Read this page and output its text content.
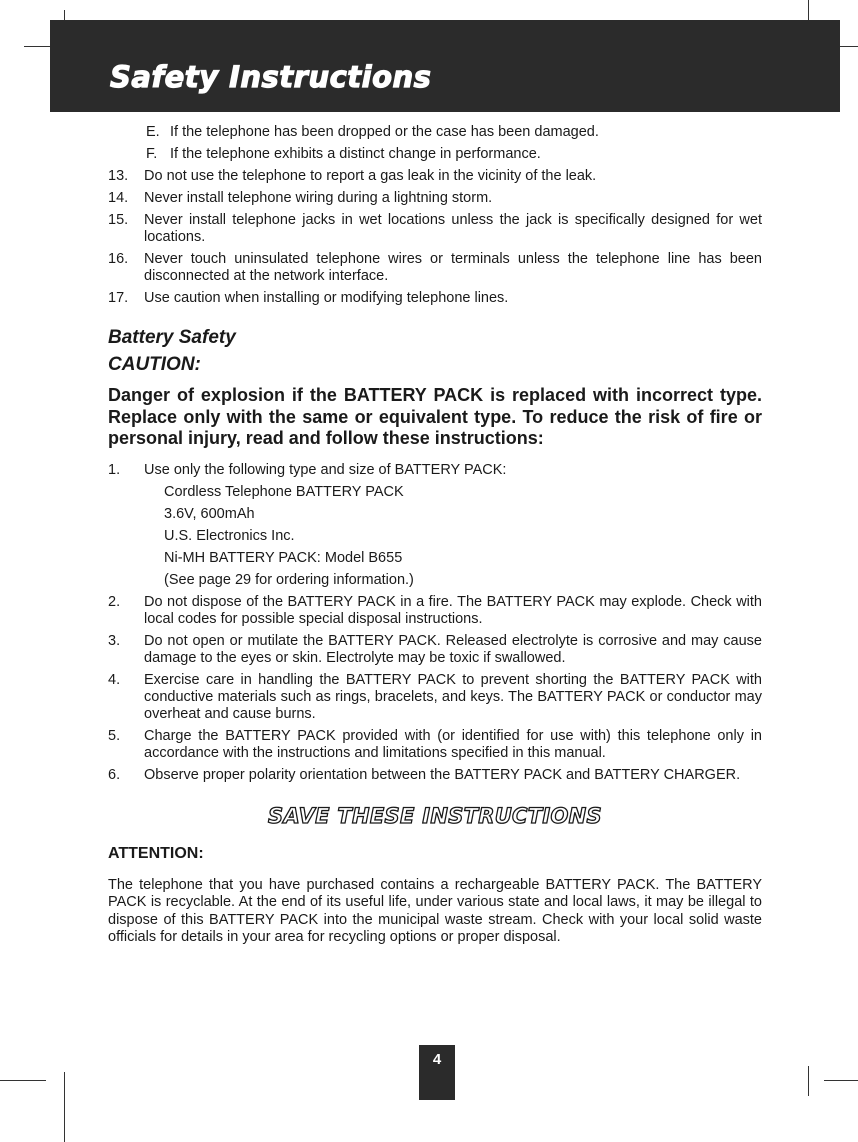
Safety Instructions
E. If the telephone has been dropped or the case has been damaged.
F. If the telephone exhibits a distinct change in performance.
13. Do not use the telephone to report a gas leak in the vicinity of the leak.
14. Never install telephone wiring during a lightning storm.
15. Never install telephone jacks in wet locations unless the jack is specifically designed for wet locations.
16. Never touch uninsulated telephone wires or terminals unless the telephone line has been disconnected at the network interface.
17. Use caution when installing or modifying telephone lines.
Battery Safety
CAUTION:
Danger of explosion if the BATTERY PACK is replaced with incorrect type. Replace only with the same or equivalent type. To reduce the risk of fire or personal injury, read and follow these instructions:
1. Use only the following type and size of BATTERY PACK:
Cordless Telephone BATTERY PACK
3.6V, 600mAh
U.S. Electronics Inc.
Ni-MH BATTERY PACK: Model B655
(See page 29 for ordering information.)
2. Do not dispose of the BATTERY PACK in a fire. The BATTERY PACK may explode. Check with local codes for possible special disposal instructions.
3. Do not open or mutilate the BATTERY PACK. Released electrolyte is corrosive and may cause damage to the eyes or skin. Electrolyte may be toxic if swallowed.
4. Exercise care in handling the BATTERY PACK to prevent shorting the BATTERY PACK with conductive materials such as rings, bracelets, and keys. The BATTERY PACK or conductor may overheat and cause burns.
5. Charge the BATTERY PACK provided with (or identified for use with) this telephone only in accordance with the instructions and limitations specified in this manual.
6. Observe proper polarity orientation between the BATTERY PACK and BATTERY CHARGER.
SAVE THESE INSTRUCTIONS
ATTENTION:
The telephone that you have purchased contains a rechargeable BATTERY PACK. The BATTERY PACK is recyclable. At the end of its useful life, under various state and local laws, it may be illegal to dispose of this BATTERY PACK into the municipal waste stream. Check with your local solid waste officials for details in your area for recycling options or proper disposal.
4
